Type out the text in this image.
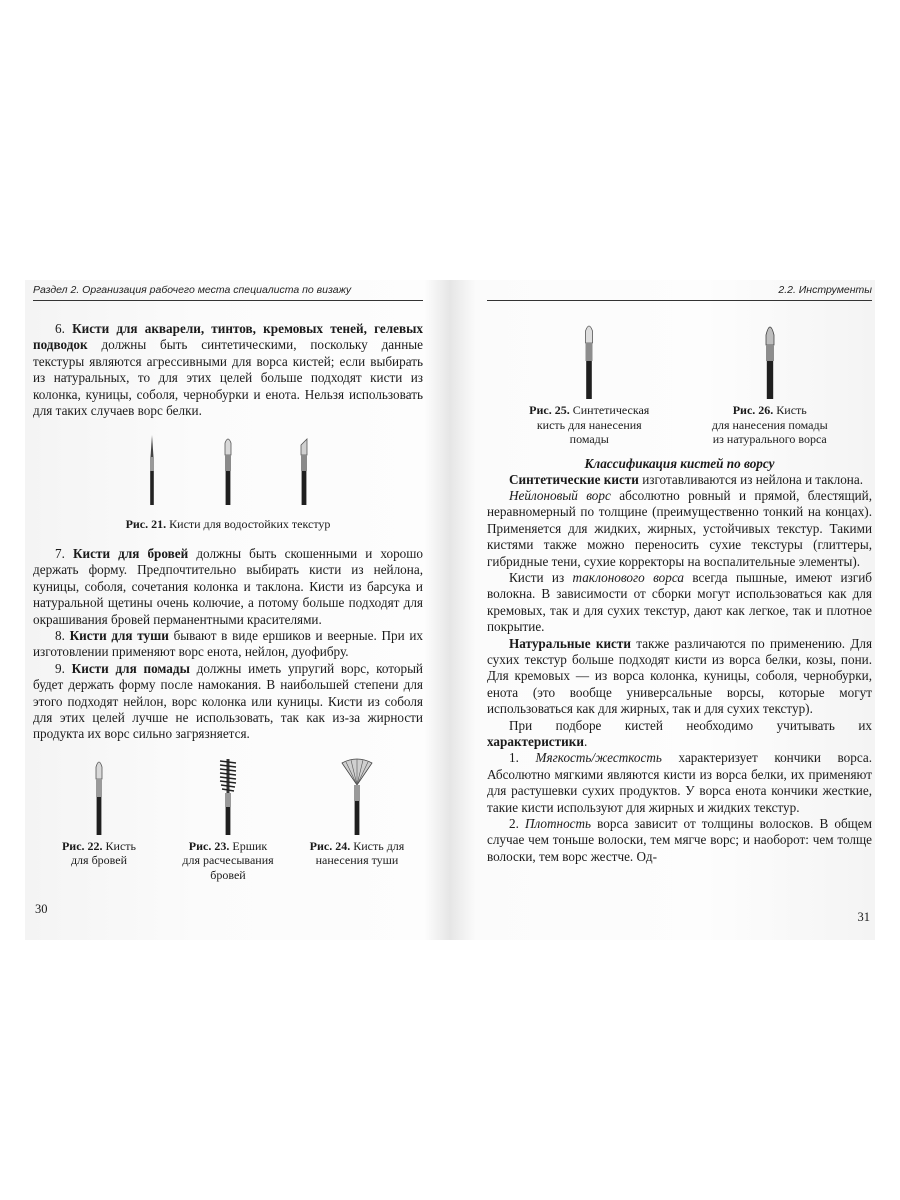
Раздел 2. Организация рабочего места специалиста по визажу

6. Кисти для акварели, тинтов, кремовых теней, гелевых подводок должны быть синтетическими, поскольку данные текстуры являются агрессивными для ворса кистей; если выбирать из натуральных, то для этих целей больше подходят кисти из колонка, куницы, соболя, чернобурки и енота. Нельзя использовать для таких случаев ворс белки.

Рис. 21. Кисти для водостойких текстур

7. Кисти для бровей должны быть скошенными и хорошо держать форму. Предпочтительно выбирать кисти из нейлона, куницы, соболя, сочетания колонка и таклона. Кисти из барсука и натуральной щетины очень колючие, а потому больше подходят для окрашивания бровей перманентными красителями.

8. Кисти для туши бывают в виде ершиков и веерные. При их изготовлении применяют ворс енота, нейлон, дуофибру.

9. Кисти для помады должны иметь упругий ворс, который будет держать форму после намокания. В наибольшей степени для этого подходят нейлон, ворс колонка или куницы. Кисти из соболя для этих целей лучше не использовать, так как из-за жирности продукта их ворс сильно загрязняется.

Рис. 22. Кисть
для бровей
Рис. 23. Ершик
для расчесывания
бровей
Рис. 24. Кисть для
нанесения туши
30
2.2. Инструменты
Рис. 25. Синтетическая
кисть для нанесения
помады
Рис. 26. Кисть
для нанесения помады
из натурального ворса
Классификация кистей по ворсу

Синтетические кисти изготавливаются из нейлона и таклона.

Нейлоновый ворс абсолютно ровный и прямой, блестящий, неравномерный по толщине (преимущественно тонкий на концах). Применяется для жидких, жирных, устойчивых текстур. Такими кистями также можно переносить сухие текстуры (глиттеры, гибридные тени, сухие корректоры на воспалительные элементы).

Кисти из таклонового ворса всегда пышные, имеют изгиб волокна. В зависимости от сборки могут использоваться как для кремовых, так и для сухих текстур, дают как легкое, так и плотное покрытие.

Натуральные кисти также различаются по применению. Для сухих текстур больше подходят кисти из ворса белки, козы, пони. Для кремовых — из ворса колонка, куницы, соболя, чернобурки, енота (это вообще универсальные ворсы, которые могут использоваться как для жирных, так и для сухих текстур).

При подборе кистей необходимо учитывать их характеристики.

1. Мягкость/жесткость характеризует кончики ворса. Абсолютно мягкими являются кисти из ворса белки, их применяют для растушевки сухих продуктов. У ворса енота кончики жесткие, такие кисти используют для жирных и жидких текстур.

2. Плотность ворса зависит от толщины волосков. В общем случае чем тоньше волоски, тем мягче ворс; и наоборот: чем толще волоски, тем ворс жестче. Од-

31
